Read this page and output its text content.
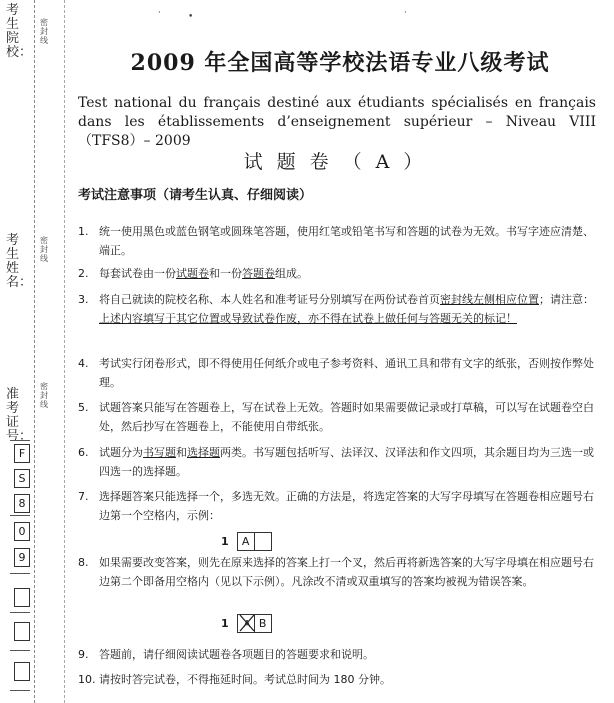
考生院校：
考生姓名：
准考证号：
密封线
密封线
密封线
F
S
8
0
9
·	•	·
2009 年全国高等学校法语专业八级考试
Test national du français destiné aux étudiants spécialisés en français dans les établissements d’enseignement supérieur – Niveau VIII（TFS8）– 2009
试题卷（A）
考试注意事项（请考生认真、仔细阅读）
1. 统一使用黑色或蓝色钢笔或圆珠笔答题，使用红笔或铅笔书写和答题的试卷为无效。书写字迹应清楚、端正。
2. 每套试卷由一份试题卷和一份答题卷组成。
3. 将自己就读的院校名称、本人姓名和准考证号分别填写在两份试卷首页密封线左侧相应位置；请注意：上述内容填写于其它位置或导致试卷作废，亦不得在试卷上做任何与答题无关的标记！
4. 考试实行闭卷形式，即不得使用任何纸介或电子参考资料、通讯工具和带有文字的纸张，否则按作弊处理。
5. 试题答案只能写在答题卷上，写在试卷上无效。答题时如果需要做记录或打草稿，可以写在试题卷空白处，然后抄写在答题卷上，不能使用自带纸张。
6. 试题分为书写题和选择题两类。书写题包括听写、法译汉、汉译法和作文四项，其余题目均为三选一或四选一的选择题。
7. 选择题答案只能选择一个，多选无效。正确的方法是，将选定答案的大写字母填写在答题卷相应题号右边第一个空格内，示例：
1	A
8. 如果需要改变答案，则先在原来选择的答案上打一个叉，然后再将新选答案的大写字母填在相应题号右边第二个即备用空格内（见以下示例）。凡涂改不清或双重填写的答案均被视为错误答案。
1 A B
9. 答题前，请仔细阅读试题卷各项题目的答题要求和说明。
10. 请按时答完试卷，不得拖延时间。考试总时间为 180 分钟。
